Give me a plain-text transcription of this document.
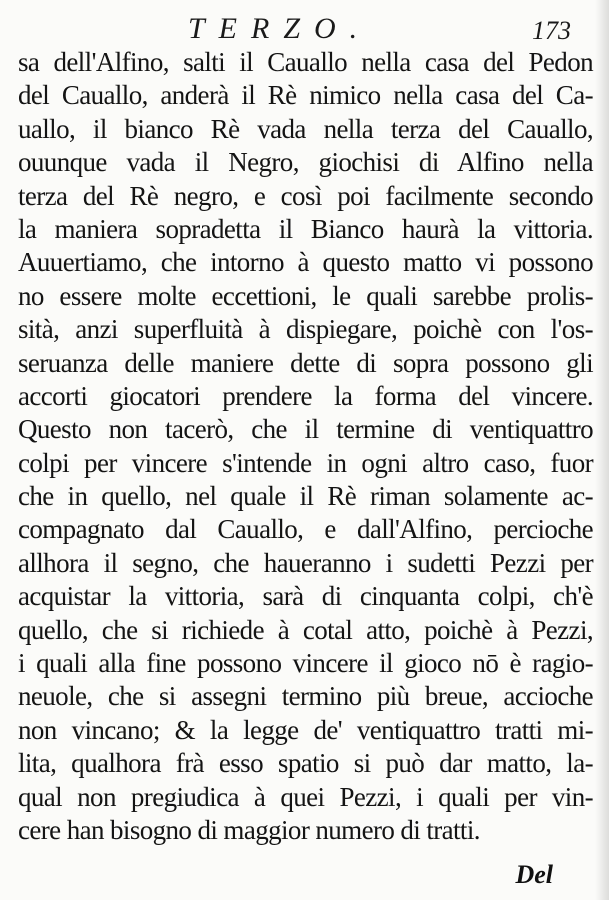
TERZO.	173
sa dell'Alfino, salti il Cauallo nella casa del Pedon
del Cauallo, anderà il Rè nimico nella casa del Ca-
uallo, il bianco Rè vada nella terza del Cauallo,
ouunque vada il Negro, giochisi di Alfino nella
terza del Rè negro, e così poi facilmente secondo
la maniera sopradetta il Bianco haurà la vittoria.
Auuertiamo, che intorno à questo matto vi possono
no essere molte eccettioni, le quali sarebbe prolis-
sità, anzi superfluità à dispiegare, poichè con l'os-
seruanza delle maniere dette di sopra possono gli
accorti giocatori prendere la forma del vincere.
Questo non tacerò, che il termine di ventiquattro
colpi per vincere s'intende in ogni altro caso, fuor
che in quello, nel quale il Rè riman solamente ac-
compagnato dal Cauallo, e dall'Alfino, percioche
allhora il segno, che haueranno i sudetti Pezzi per
acquistar la vittoria, sarà di cinquanta colpi, ch'è
quello, che si richiede à cotal atto, poichè à Pezzi,
i quali alla fine possono vincere il gioco nō è ragio-
neuole, che si assegni termino più breue, accioche
non vincano; & la legge de' ventiquattro tratti mi-
lita, qualhora frà esso spatio si può dar matto, la-
qual non pregiudica à quei Pezzi, i quali per vin-
cere han bisogno di maggior numero di tratti.
Del
